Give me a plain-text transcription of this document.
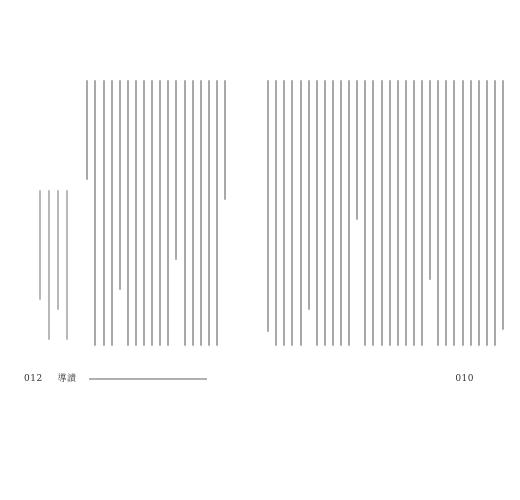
012 導讀	010
